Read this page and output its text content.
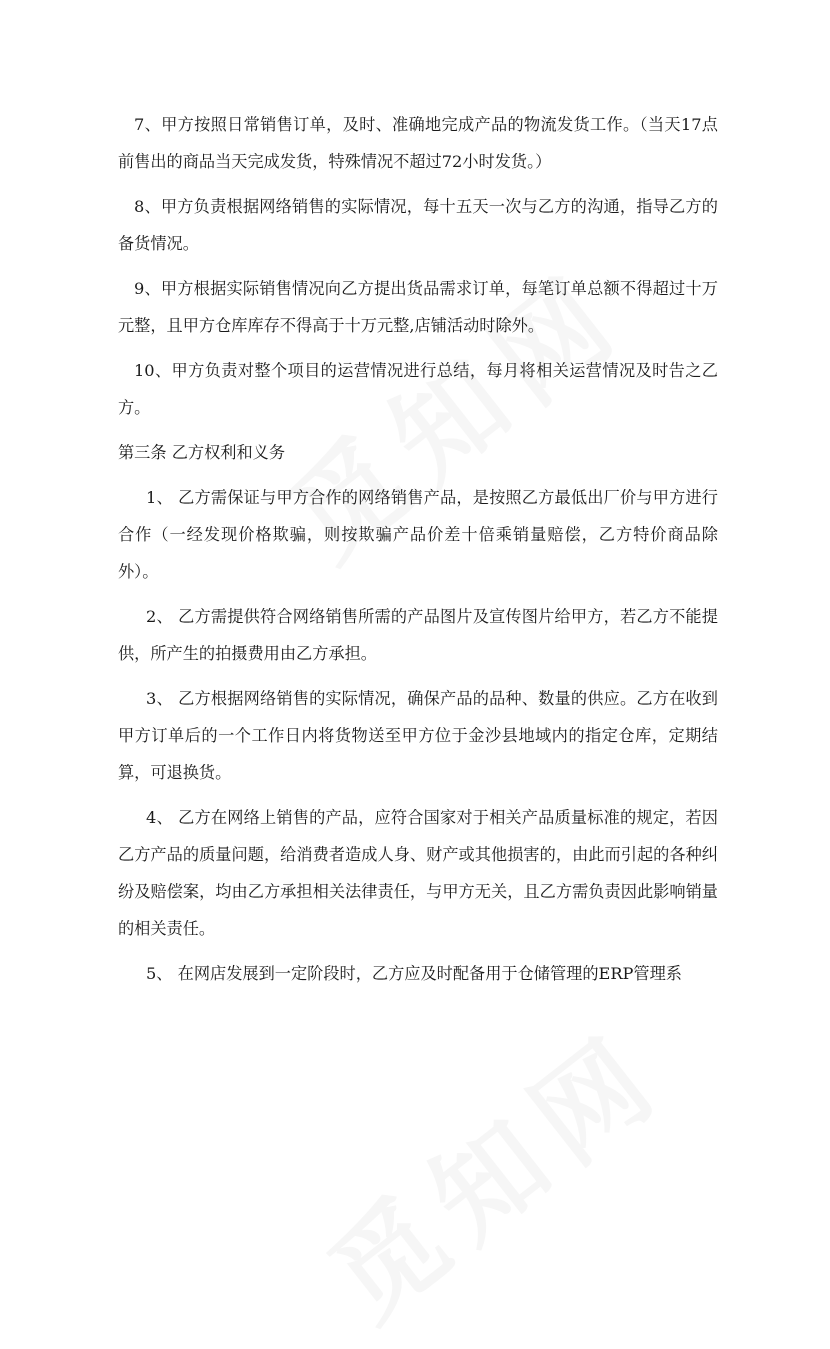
7、甲方按照日常销售订单，及时、准确地完成产品的物流发货工作。（当天17点前售出的商品当天完成发货，特殊情况不超过72小时发货。）

8、甲方负责根据网络销售的实际情况，每十五天一次与乙方的沟通，指导乙方的备货情况。

9、甲方根据实际销售情况向乙方提出货品需求订单，每笔订单总额不得超过十万元整，且甲方仓库库存不得高于十万元整,店铺活动时除外。

10、甲方负责对整个项目的运营情况进行总结，每月将相关运营情况及时告之乙方。

第三条 乙方权利和义务

1、 乙方需保证与甲方合作的网络销售产品，是按照乙方最低出厂价与甲方进行合作（一经发现价格欺骗，则按欺骗产品价差十倍乘销量赔偿，乙方特价商品除外）。

2、 乙方需提供符合网络销售所需的产品图片及宣传图片给甲方，若乙方不能提供，所产生的拍摄费用由乙方承担。

3、 乙方根据网络销售的实际情况，确保产品的品种、数量的供应。乙方在收到甲方订单后的一个工作日内将货物送至甲方位于金沙县地域内的指定仓库，定期结算，可退换货。

4、 乙方在网络上销售的产品，应符合国家对于相关产品质量标准的规定，若因乙方产品的质量问题，给消费者造成人身、财产或其他损害的，由此而引起的各种纠纷及赔偿案，均由乙方承担相关法律责任，与甲方无关，且乙方需负责因此影响销量的相关责任。

5、 在网店发展到一定阶段时，乙方应及时配备用于仓储管理的ERP管理系
